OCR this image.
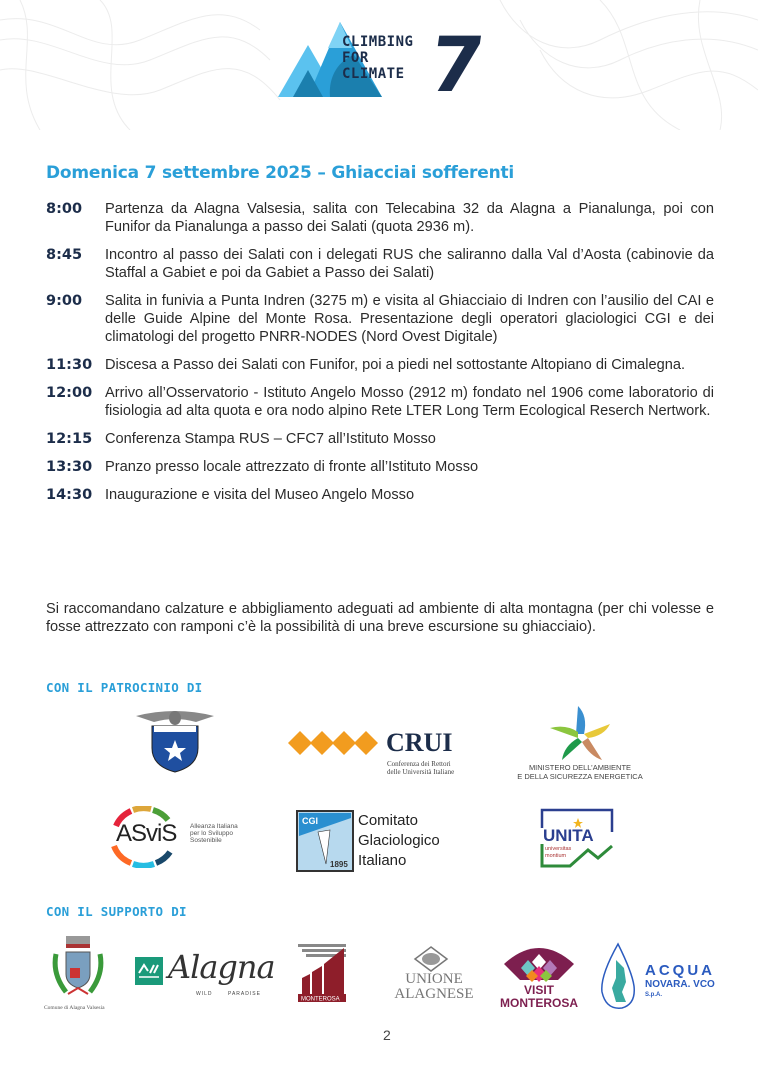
CLIMBING
FOR
CLIMATE 7
Domenica 7 settembre 2025 – Ghiacciai sofferenti
8:00	Partenza da Alagna Valsesia, salita con Telecabina 32 da Alagna a Pianalunga, poi con Funifor da Pianalunga a passo dei Salati (quota 2936 m).
8:45	Incontro al passo dei Salati con i delegati RUS che saliranno dalla Val d’Aosta (cabinovie da Staffal a Gabiet e poi da Gabiet a Passo dei Salati)
9:00	Salita in funivia a Punta Indren (3275 m) e visita al Ghiacciaio di Indren con l’ausilio del CAI e delle Guide Alpine del Monte Rosa. Presentazione degli operatori glaciologici CGI e dei climatologi del progetto PNRR-NODES (Nord Ovest Digitale)
11:30 Discesa a Passo dei Salati con Funifor, poi a piedi nel sottostante Altopiano di Cimalegna.
12:00 Arrivo all’Osservatorio - Istituto Angelo Mosso (2912 m) fondato nel 1906 come laboratorio di fisiologia ad alta quota e ora nodo alpino Rete LTER Long Term Ecological Reserch Nertwork.
12:15 Conferenza Stampa RUS – CFC7 all’Istituto Mosso
13:30 Pranzo presso locale attrezzato di fronte all’Istituto Mosso
14:30 Inaugurazione e visita del Museo Angelo Mosso
Si raccomandano calzature e abbigliamento adeguati ad ambiente di alta montagna (per chi volesse e fosse attrezzato con ramponi c’è la possibilità di una breve escursione su ghiacciaio).
CON IL PATROCINIO DI
CRUI
Conferenza dei Rettori
delle Università Italiane	MINISTERO DELL’AMBIENTE
E DELLA SICUREZZA ENERGETICA
ASviS Alleanza Italiana
per lo Sviluppo
Sostenibile
CGI
1895
Comitato
Glaciologico
Italiano
UNITA
universitas
montium
CON IL SUPPORTO DI
Comune di Alagna Valsesia
Alagna
WILD	PARADISE
MONTEROSA
UNIONE
ALAGNESE	VISIT
MONTEROSA
ACQUA
NOVARA. VCO
S.p.A.
2
